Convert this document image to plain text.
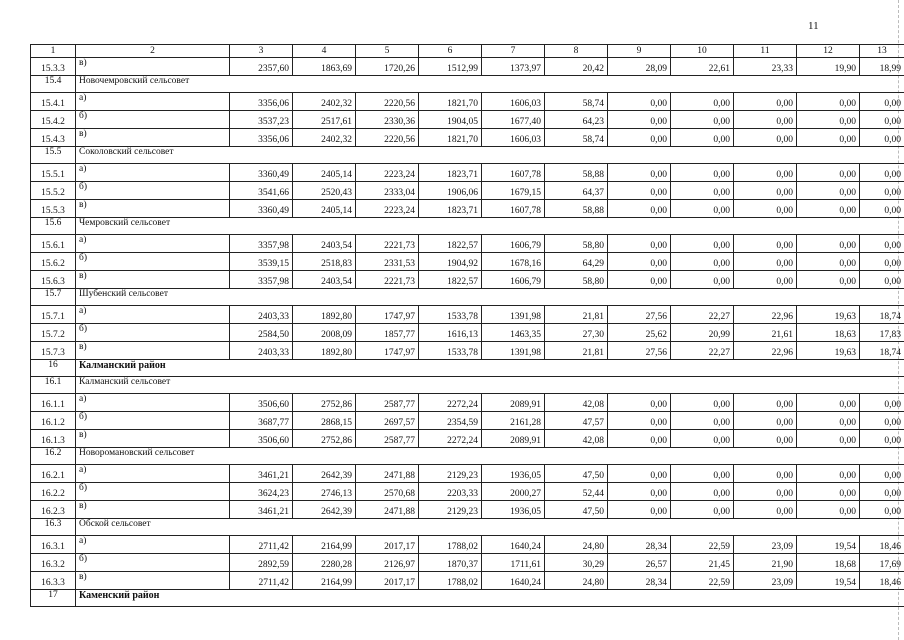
11
1	2	3	4	5	6	7	8	9	10	11	12	13
15.3.3	в)	2357,60	1863,69	1720,26	1512,99	1373,97	20,42	28,09	22,61	23,33	19,90	18,99
15.4	Новочемровский сельсовет											
15.4.1	а)	3356,06	2402,32	2220,56	1821,70	1606,03	58,74	0,00	0,00	0,00	0,00	0,00
15.4.2	б)	3537,23	2517,61	2330,36	1904,05	1677,40	64,23	0,00	0,00	0,00	0,00	0,00
15.4.3	в)	3356,06	2402,32	2220,56	1821,70	1606,03	58,74	0,00	0,00	0,00	0,00	0,00
15.5	Соколовский сельсовет											
15.5.1	а)	3360,49	2405,14	2223,24	1823,71	1607,78	58,88	0,00	0,00	0,00	0,00	0,00
15.5.2	б)	3541,66	2520,43	2333,04	1906,06	1679,15	64,37	0,00	0,00	0,00	0,00	0,00
15.5.3	в)	3360,49	2405,14	2223,24	1823,71	1607,78	58,88	0,00	0,00	0,00	0,00	0,00
15.6	Чемровский сельсовет											
15.6.1	а)	3357,98	2403,54	2221,73	1822,57	1606,79	58,80	0,00	0,00	0,00	0,00	0,00
15.6.2	б)	3539,15	2518,83	2331,53	1904,92	1678,16	64,29	0,00	0,00	0,00	0,00	0,00
15.6.3	в)	3357,98	2403,54	2221,73	1822,57	1606,79	58,80	0,00	0,00	0,00	0,00	0,00
15.7	Шубенский сельсовет											
15.7.1	а)	2403,33	1892,80	1747,97	1533,78	1391,98	21,81	27,56	22,27	22,96	19,63	18,74
15.7.2	б)	2584,50	2008,09	1857,77	1616,13	1463,35	27,30	25,62	20,99	21,61	18,63	17,83
15.7.3	в)	2403,33	1892,80	1747,97	1533,78	1391,98	21,81	27,56	22,27	22,96	19,63	18,74
16	Калманский район											
16.1	Калманский сельсовет											
16.1.1	а)	3506,60	2752,86	2587,77	2272,24	2089,91	42,08	0,00	0,00	0,00	0,00	0,00
16.1.2	б)	3687,77	2868,15	2697,57	2354,59	2161,28	47,57	0,00	0,00	0,00	0,00	0,00
16.1.3	в)	3506,60	2752,86	2587,77	2272,24	2089,91	42,08	0,00	0,00	0,00	0,00	0,00
16.2	Новоромановский сельсовет											
16.2.1	а)	3461,21	2642,39	2471,88	2129,23	1936,05	47,50	0,00	0,00	0,00	0,00	0,00
16.2.2	б)	3624,23	2746,13	2570,68	2203,33	2000,27	52,44	0,00	0,00	0,00	0,00	0,00
16.2.3	в)	3461,21	2642,39	2471,88	2129,23	1936,05	47,50	0,00	0,00	0,00	0,00	0,00
16.3	Обской сельсовет											
16.3.1	а)	2711,42	2164,99	2017,17	1788,02	1640,24	24,80	28,34	22,59	23,09	19,54	18,46
16.3.2	б)	2892,59	2280,28	2126,97	1870,37	1711,61	30,29	26,57	21,45	21,90	18,68	17,69
16.3.3	в)	2711,42	2164,99	2017,17	1788,02	1640,24	24,80	28,34	22,59	23,09	19,54	18,46
17	Каменский район											
